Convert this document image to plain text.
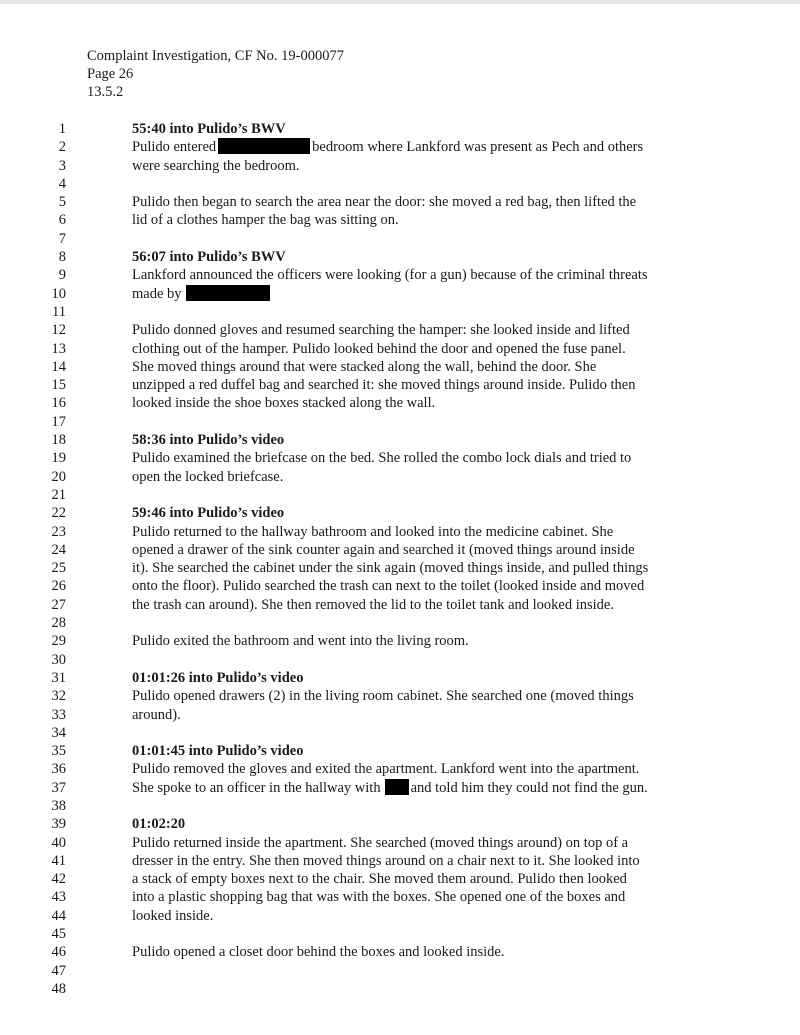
Complaint Investigation, CF No. 19-000077
Page 26
13.5.2
1
2
3
4
5
6
7
8
9
10
11
12
13
14
15
16
17
18
19
20
21
22
23
24
25
26
27
28
29
30
31
32
33
34
35
36
37
38
39
40
41
42
43
44
45
46
47
48
55:40 into Pulido’s BWV
Pulido entered	bedroom where Lankford was present as Pech and others
were searching the bedroom.
Pulido then began to search the area near the door: she moved a red bag, then lifted the
lid of a clothes hamper the bag was sitting on.
56:07 into Pulido’s BWV
Lankford announced the officers were looking (for a gun) because of the criminal threats
made by
Pulido donned gloves and resumed searching the hamper: she looked inside and lifted
clothing out of the hamper. Pulido looked behind the door and opened the fuse panel.
She moved things around that were stacked along the wall, behind the door. She
unzipped a red duffel bag and searched it: she moved things around inside. Pulido then
looked inside the shoe boxes stacked along the wall.
58:36 into Pulido’s video
Pulido examined the briefcase on the bed. She rolled the combo lock dials and tried to
open the locked briefcase.
59:46 into Pulido’s video
Pulido returned to the hallway bathroom and looked into the medicine cabinet. She
opened a drawer of the sink counter again and searched it (moved things around inside
it). She searched the cabinet under the sink again (moved things inside, and pulled things
onto the floor). Pulido searched the trash can next to the toilet (looked inside and moved
the trash can around). She then removed the lid to the toilet tank and looked inside.
Pulido exited the bathroom and went into the living room.
01:01:26 into Pulido’s video
Pulido opened drawers (2) in the living room cabinet. She searched one (moved things
around).
01:01:45 into Pulido’s video
Pulido removed the gloves and exited the apartment. Lankford went into the apartment.
She spoke to an officer in the hallway with and told him they could not find the gun.
01:02:20
Pulido returned inside the apartment. She searched (moved things around) on top of a
dresser in the entry. She then moved things around on a chair next to it. She looked into
a stack of empty boxes next to the chair. She moved them around. Pulido then looked
into a plastic shopping bag that was with the boxes. She opened one of the boxes and
looked inside.
Pulido opened a closet door behind the boxes and looked inside.
